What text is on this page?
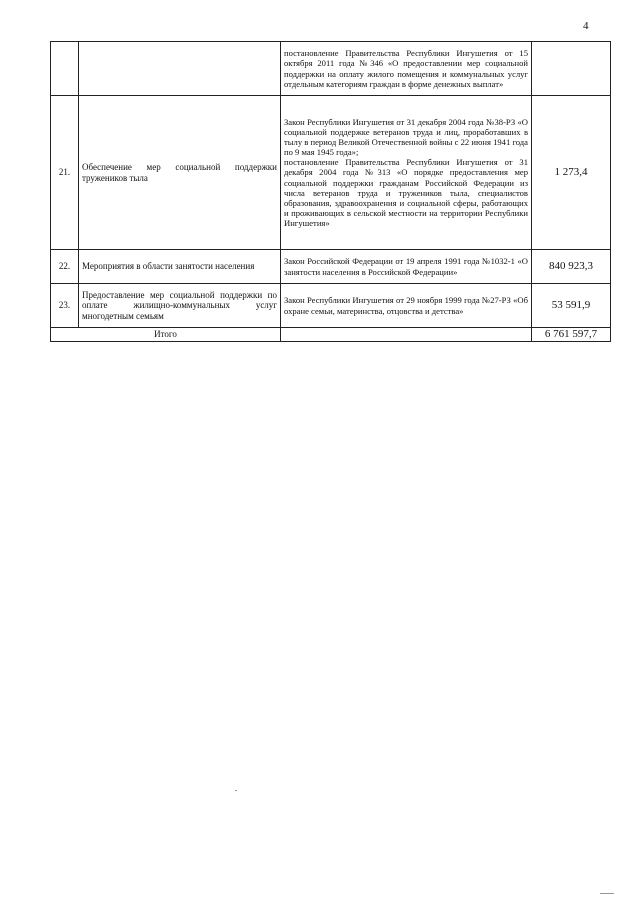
4

		постановление Правительства Республики Ингушетия от 15 октября 2011 года №346 «О предоставлении мер социальной поддержки на оплату жилого помещения и коммунальных услуг отдельным категориям граждан в форме денежных выплат»	

21.	Обеспечение мер социальной поддержки тружеников тыла	Закон Республики Ингушетия от 31 декабря 2004 года №38-РЗ «О социальной поддержке ветеранов труда и лиц, проработавших в тылу в период Великой Отечественной войны с 22 июня 1941 года по 9 мая 1945 года»;

постановление Правительства Республики Ингушетия от 31 декабря 2004 года №313 «О порядке предоставления мер социальной поддержки гражданам Российской Федерации из числа ветеранов труда и тружеников тыла, специалистов образования, здравоохранения и социальной сферы, работающих и проживающих в сельской местности на территории Республики Ингушетия»	1 273,4
22.	Мероприятия в области занятости населения	Закон Российской Федерации от 19 апреля 1991 года №1032-1 «О занятости населения в Российской Федерации»	840 923,3
23.	Предоставление мер социальной поддержки по оплате жилищно-коммунальных услуг многодетным семьям	Закон Республики Ингушетия от 29 ноября 1999 года №27-РЗ «Об охране семьи, материнства, отцовства и детства»	53 591,9
Итого			6 761 597,7
